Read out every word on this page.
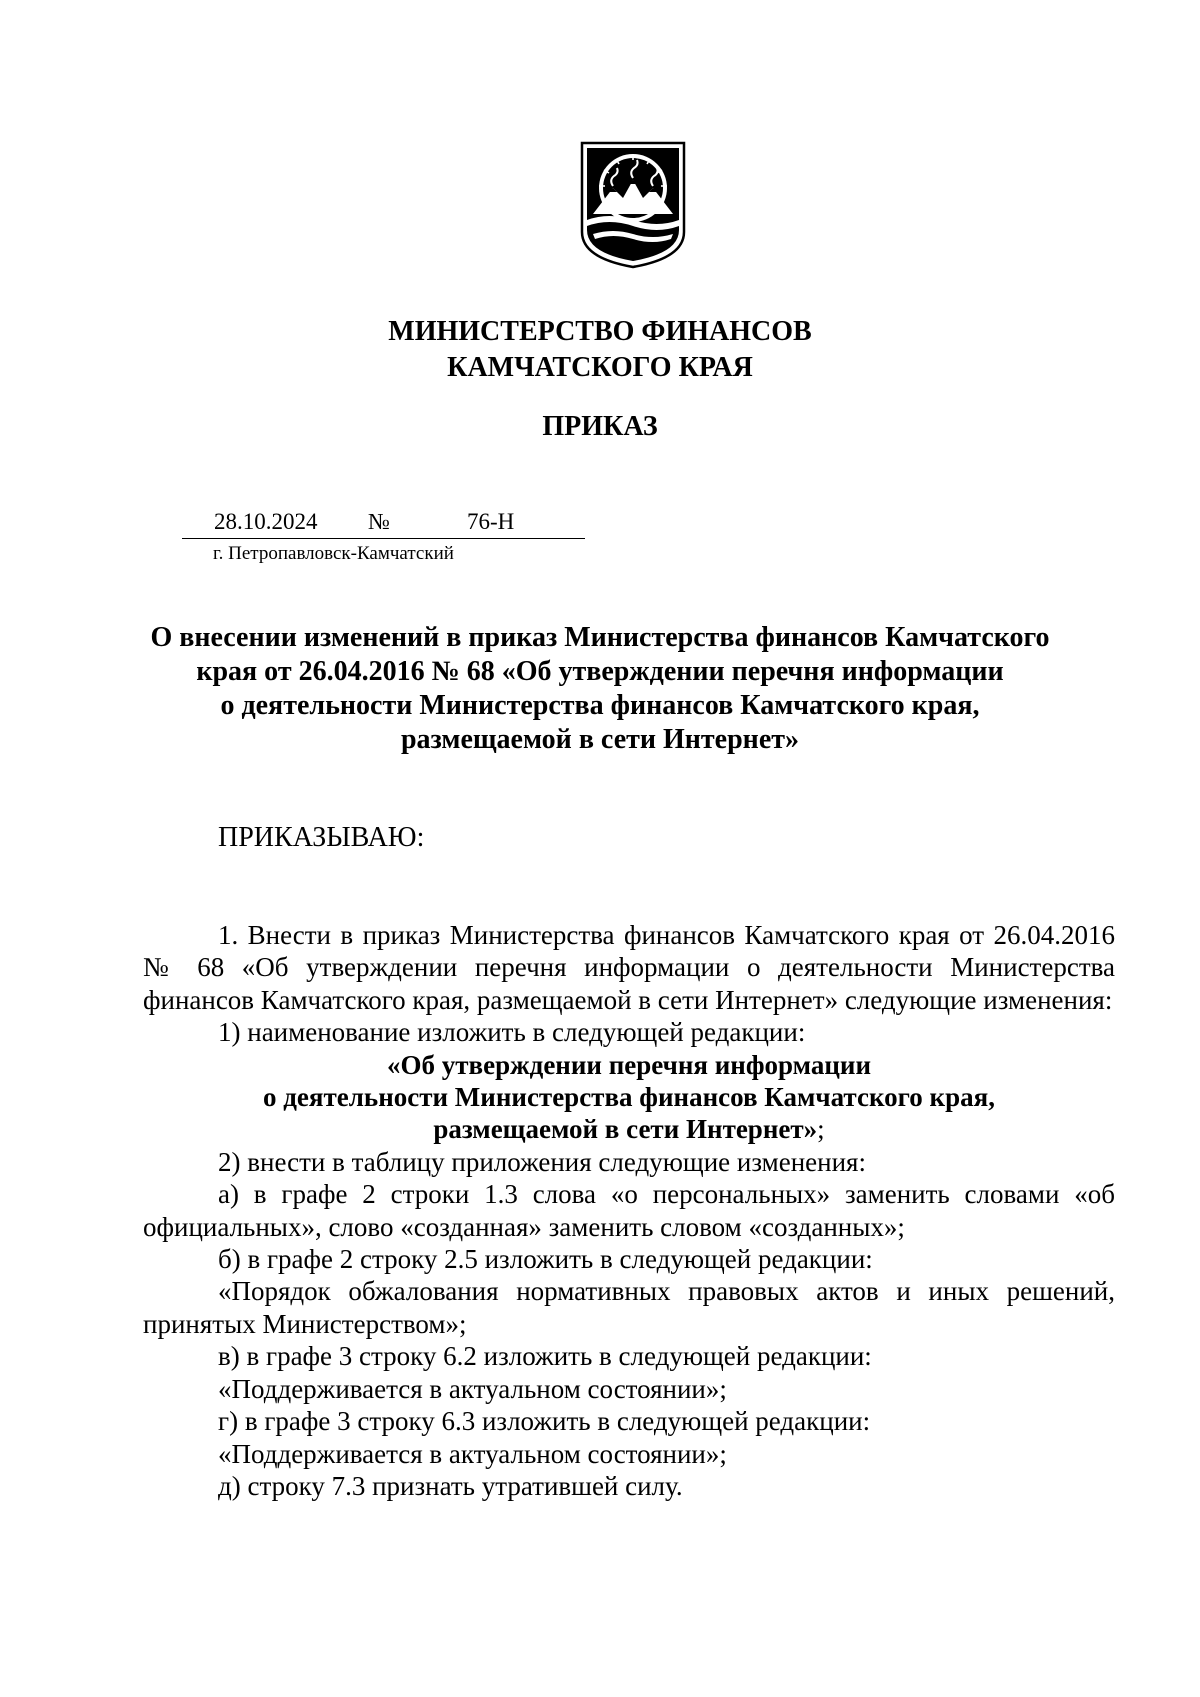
МИНИСТЕРСТВО ФИНАНСОВ
КАМЧАТСКОГО КРАЯ
ПРИКАЗ
28.10.2024 №	76-Н
г. Петропавловск-Камчатский
О внесении изменений в приказ Министерства финансов Камчатского
края от 26.04.2016 № 68 «Об утверждении перечня информации
о деятельности Министерства финансов Камчатского края,
размещаемой в сети Интернет»
ПРИКАЗЫВАЮ:

1. Внести в приказ Министерства финансов Камчатского края от 26.04.2016 № 68 «Об утверждении перечня информации о деятельности Министерства финансов Камчатского края, размещаемой в сети Интернет» следующие изменения:

1) наименование изложить в следующей редакции:

«Об утверждении перечня информации
о деятельности Министерства финансов Камчатского края,
размещаемой в сети Интернет»;

2) внести в таблицу приложения следующие изменения:

а) в графе 2 строки 1.3 слова «о персональных» заменить словами «об официальных», слово «созданная» заменить словом «созданных»;

б) в графе 2 строку 2.5 изложить в следующей редакции:

«Порядок обжалования нормативных правовых актов и иных решений, принятых Министерством»;

в) в графе 3 строку 6.2 изложить в следующей редакции:

«Поддерживается в актуальном состоянии»;

г) в графе 3 строку 6.3 изложить в следующей редакции:

«Поддерживается в актуальном состоянии»;

д) строку 7.3 признать утратившей силу.
